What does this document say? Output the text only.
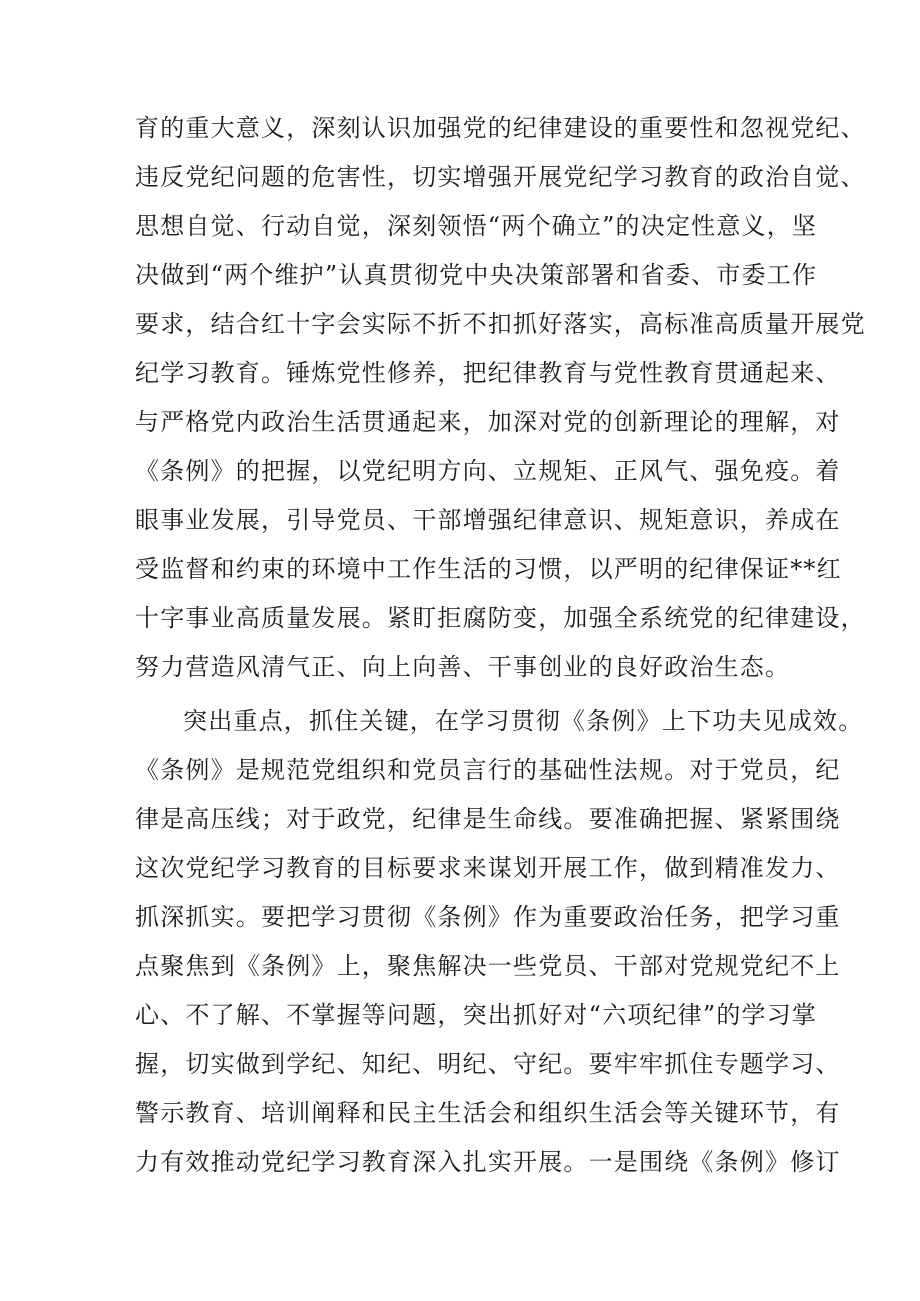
育的重大意义，深刻认识加强党的纪律建设的重要性和忽视党纪、
违反党纪问题的危害性，切实增强开展党纪学习教育的政治自觉、
思想自觉、行动自觉，深刻领悟“两个确立”的决定性意义，坚
决做到“两个维护”认真贯彻党中央决策部署和省委、市委工作
要求，结合红十字会实际不折不扣抓好落实，高标准高质量开展党
纪学习教育。锤炼党性修养，把纪律教育与党性教育贯通起来、
与严格党内政治生活贯通起来，加深对党的创新理论的理解，对
《条例》的把握，以党纪明方向、立规矩、正风气、强免疫。着
眼事业发展，引导党员、干部增强纪律意识、规矩意识，养成在
受监督和约束的环境中工作生活的习惯，以严明的纪律保证**红
十字事业高质量发展。紧盯拒腐防变，加强全系统党的纪律建设，
努力营造风清气正、向上向善、干事创业的良好政治生态。
突出重点，抓住关键，在学习贯彻《条例》上下功夫见成效。
《条例》是规范党组织和党员言行的基础性法规。对于党员，纪
律是高压线；对于政党，纪律是生命线。要准确把握、紧紧围绕
这次党纪学习教育的目标要求来谋划开展工作，做到精准发力、
抓深抓实。要把学习贯彻《条例》作为重要政治任务，把学习重
点聚焦到《条例》上，聚焦解决一些党员、干部对党规党纪不上
心、不了解、不掌握等问题，突出抓好对“六项纪律”的学习掌
握，切实做到学纪、知纪、明纪、守纪。要牢牢抓住专题学习、
警示教育、培训阐释和民主生活会和组织生活会等关键环节，有
力有效推动党纪学习教育深入扎实开展。一是围绕《条例》修订
